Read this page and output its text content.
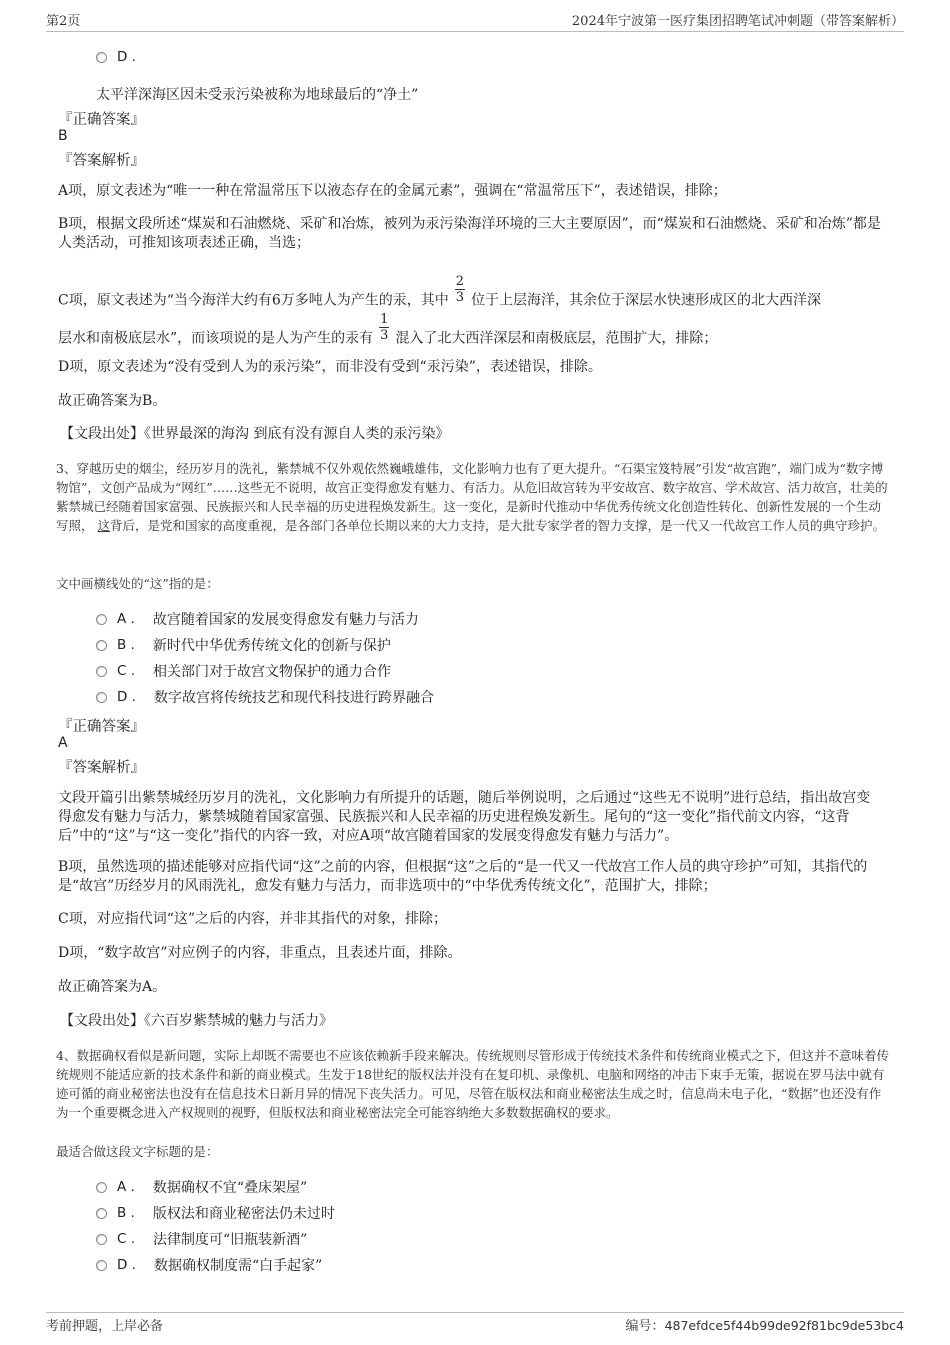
第2页	2024年宁波第一医疗集团招聘笔试冲刺题（带答案解析）
D .
太平洋深海区因未受汞污染被称为地球最后的“净土”
『正确答案』
B
『答案解析』
A项，原文表述为“唯一一种在常温常压下以液态存在的金属元素”，强调在“常温常压下”，表述错误，排除；
B项，根据文段所述“煤炭和石油燃烧、采矿和冶炼，被列为汞污染海洋环境的三大主要原因”，而“煤炭和石油燃烧、采矿和冶炼”都是人类活动，可推知该项表述正确，当选；
C项，原文表述为“当今海洋大约有6万多吨人为产生的汞，其中 $\frac{2}{3}$ 位于上层海洋，其余位于深层水快速形成区的北大西洋深
层水和南极底层水”，而该项说的是人为产生的汞有 $\frac{1}{3}$ 混入了北大西洋深层和南极底层，范围扩大，排除；
D项，原文表述为“没有受到人为的汞污染”，而非没有受到“汞污染”，表述错误，排除。
故正确答案为B。
【文段出处】《世界最深的海沟 到底有没有源自人类的汞污染》
3、穿越历史的烟尘，经历岁月的洗礼，紫禁城不仅外观依然巍峨雄伟，文化影响力也有了更大提升。“石渠宝笈特展”引发“故宫跑”，端门成为“数字博物馆”，文创产品成为“网红”……这些无不说明，故宫正变得愈发有魅力、有活力。从危旧故宫转为平安故宫、数字故宫、学术故宫、活力故宫，壮美的紫禁城已经随着国家富强、民族振兴和人民幸福的历史进程焕发新生。这一变化，是新时代推动中华优秀传统文化创造性转化、创新性发展的一个生动写照， 这背后，是党和国家的高度重视，是各部门各单位长期以来的大力支持，是大批专家学者的智力支撑，是一代又一代故宫工作人员的典守珍护。
文中画横线处的“这”指的是：
A . 故宫随着国家的发展变得愈发有魅力与活力
B . 新时代中华优秀传统文化的创新与保护
C . 相关部门对于故宫文物保护的通力合作
D . 数字故宫将传统技艺和现代科技进行跨界融合
『正确答案』
A
『答案解析』
文段开篇引出紫禁城经历岁月的洗礼，文化影响力有所提升的话题，随后举例说明，之后通过“这些无不说明”进行总结，指出故宫变得愈发有魅力与活力，紫禁城随着国家富强、民族振兴和人民幸福的历史进程焕发新生。尾句的“这一变化”指代前文内容，“这背后”中的“这”与“这一变化”指代的内容一致，对应A项“故宫随着国家的发展变得愈发有魅力与活力”。
B项，虽然选项的描述能够对应指代词“这”之前的内容，但根据“这”之后的“是一代又一代故宫工作人员的典守珍护”可知，其指代的是“故宫”历经岁月的风雨洗礼，愈发有魅力与活力，而非选项中的“中华优秀传统文化”，范围扩大，排除；
C项，对应指代词“这”之后的内容，并非其指代的对象，排除；
D项，“数字故宫”对应例子的内容，非重点，且表述片面，排除。
故正确答案为A。
【文段出处】《六百岁紫禁城的魅力与活力》
4、数据确权看似是新问题，实际上却既不需要也不应该依赖新手段来解决。传统规则尽管形成于传统技术条件和传统商业模式之下，但这并不意味着传统规则不能适应新的技术条件和新的商业模式。生发于18世纪的版权法并没有在复印机、录像机、电脑和网络的冲击下束手无策，据说在罗马法中就有迹可循的商业秘密法也没有在信息技术日新月异的情况下丧失活力。可见，尽管在版权法和商业秘密法生成之时，信息尚未电子化，“数据”也还没有作为一个重要概念进入产权规则的视野，但版权法和商业秘密法完全可能容纳绝大多数数据确权的要求。
最适合做这段文字标题的是：
A . 数据确权不宜“叠床架屋”
B . 版权法和商业秘密法仍未过时
C . 法律制度可“旧瓶装新酒”
D . 数据确权制度需“白手起家”
考前押题，上岸必备	编号：487efdce5f44b99de92f81bc9de53bc4
